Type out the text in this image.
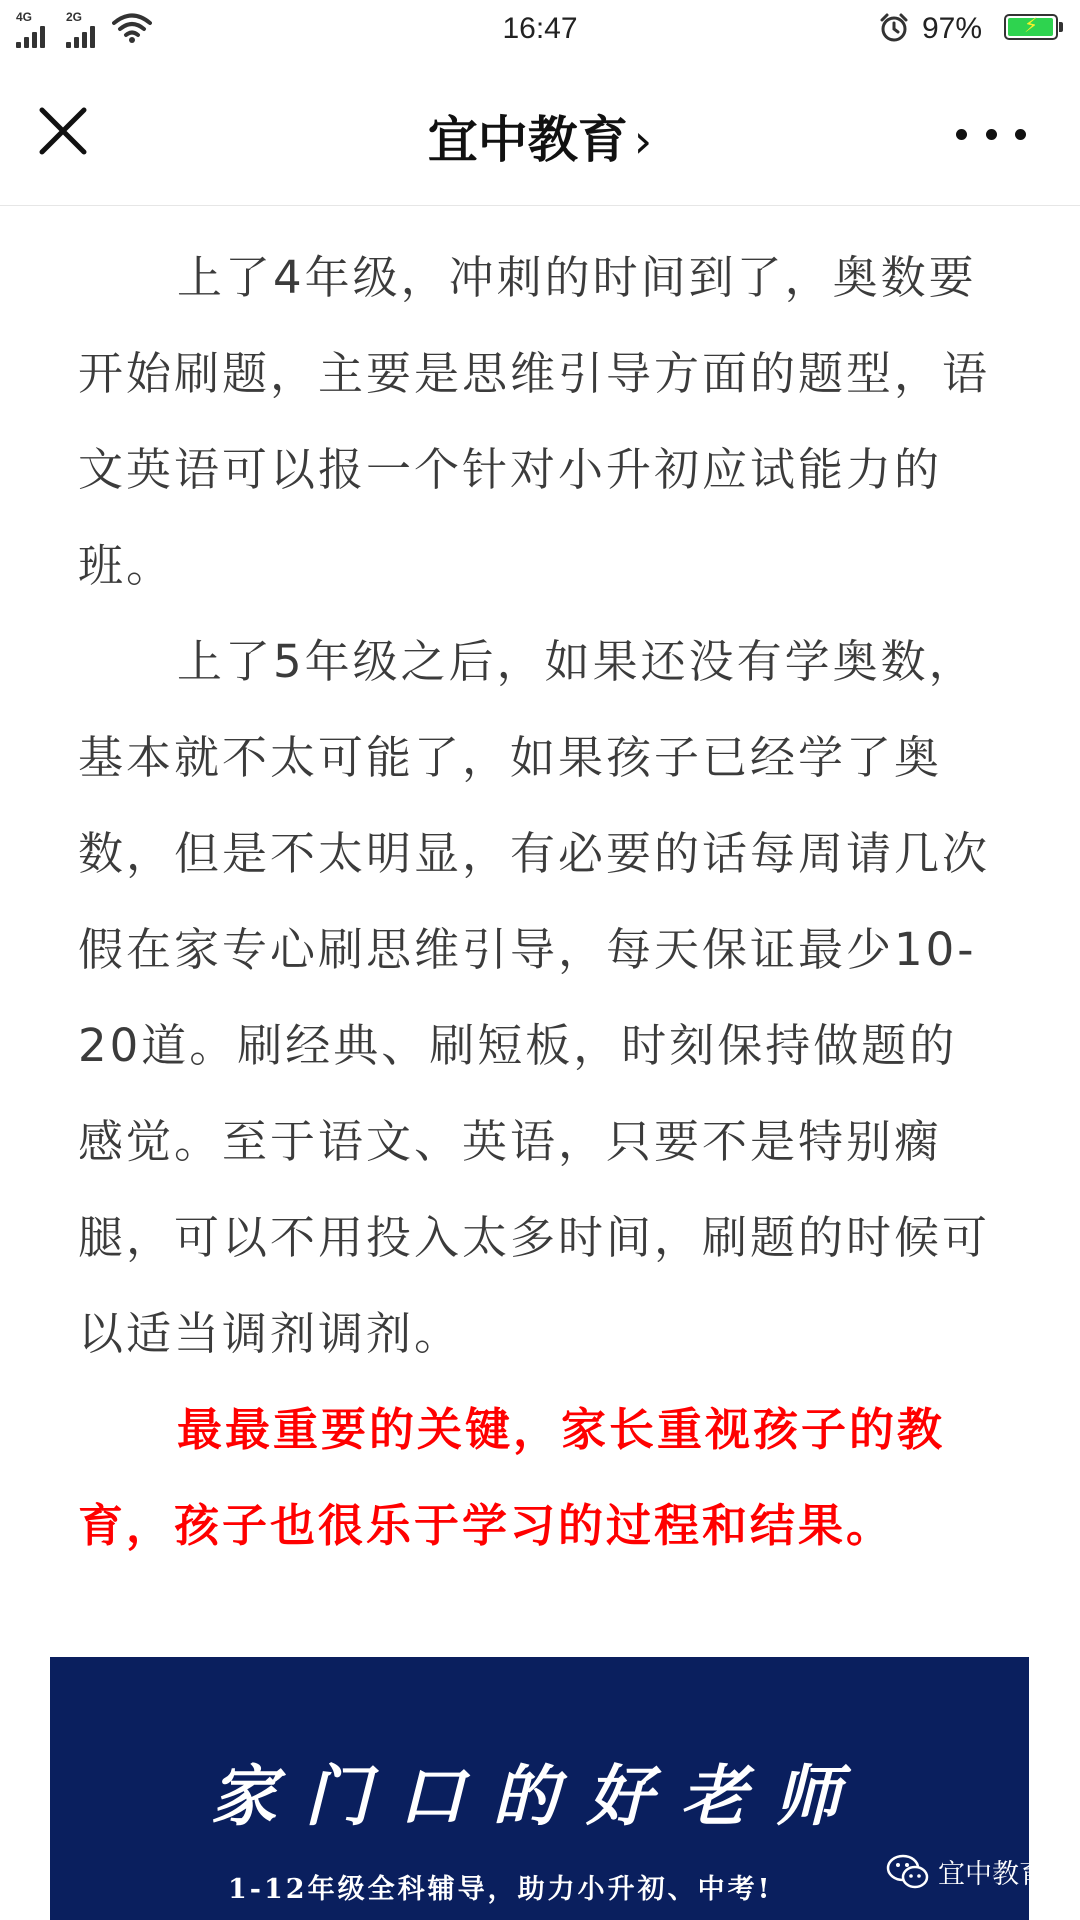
4G	2G	16:47	97%	⚡
宜中教育 ›

上了4年级，冲刺的时间到了，奥数要开始刷题，主要是思维引导方面的题型，语文英语可以报一个针对小升初应试能力的班。

上了5年级之后，如果还没有学奥数，基本就不太可能了，如果孩子已经学了奥数，但是不太明显，有必要的话每周请几次假在家专心刷思维引导，每天保证最少10-20道。刷经典、刷短板，时刻保持做题的感觉。至于语文、英语，只要不是特别瘸腿，可以不用投入太多时间，刷题的时候可以适当调剂调剂。

最最重要的关键，家长重视孩子的教育，孩子也很乐于学习的过程和结果。

家门口的好老师
1-12年级全科辅导，助力小升初、中考!	宜中教育
